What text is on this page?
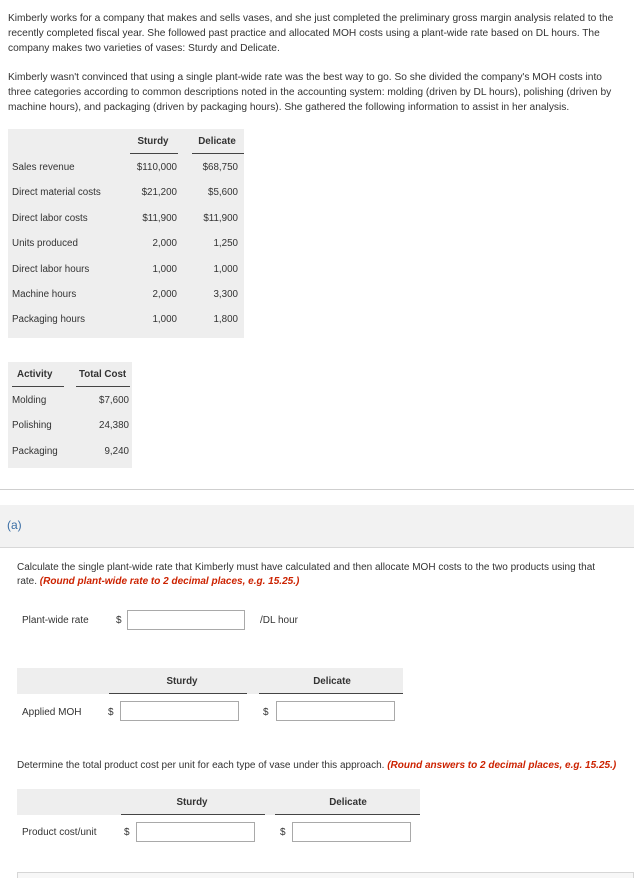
Kimberly works for a company that makes and sells vases, and she just completed the preliminary gross margin analysis related to the recently completed fiscal year. She followed past practice and allocated MOH costs using a plant-wide rate based on DL hours. The company makes two varieties of vases: Sturdy and Delicate.
Kimberly wasn't convinced that using a single plant-wide rate was the best way to go. So she divided the company's MOH costs into three categories according to common descriptions noted in the accounting system: molding (driven by DL hours), polishing (driven by machine hours), and packaging (driven by packaging hours). She gathered the following information to assist in her analysis.
Sturdy	Delicate
Sales revenue	$110,000	$68,750
Direct material costs	$21,200	$5,600
Direct labor costs	$11,900	$11,900
Units produced	2,000	1,250
Direct labor hours	1,000	1,000
Machine hours	2,000	3,300
Packaging hours	1,000	1,800
Activity	Total Cost
Molding	$7,600
Polishing	24,380
Packaging	9,240
(a)
Calculate the single plant-wide rate that Kimberly must have calculated and then allocate MOH costs to the two products using that rate. (Round plant-wide rate to 2 decimal places, e.g. 15.25.)
Plant-wide rate	$	/DL hour
Sturdy	Delicate
Applied MOH	$	$
Determine the total product cost per unit for each type of vase under this approach. (Round answers to 2 decimal places, e.g. 15.25.)
Sturdy	Delicate
Product cost/unit	$	$
